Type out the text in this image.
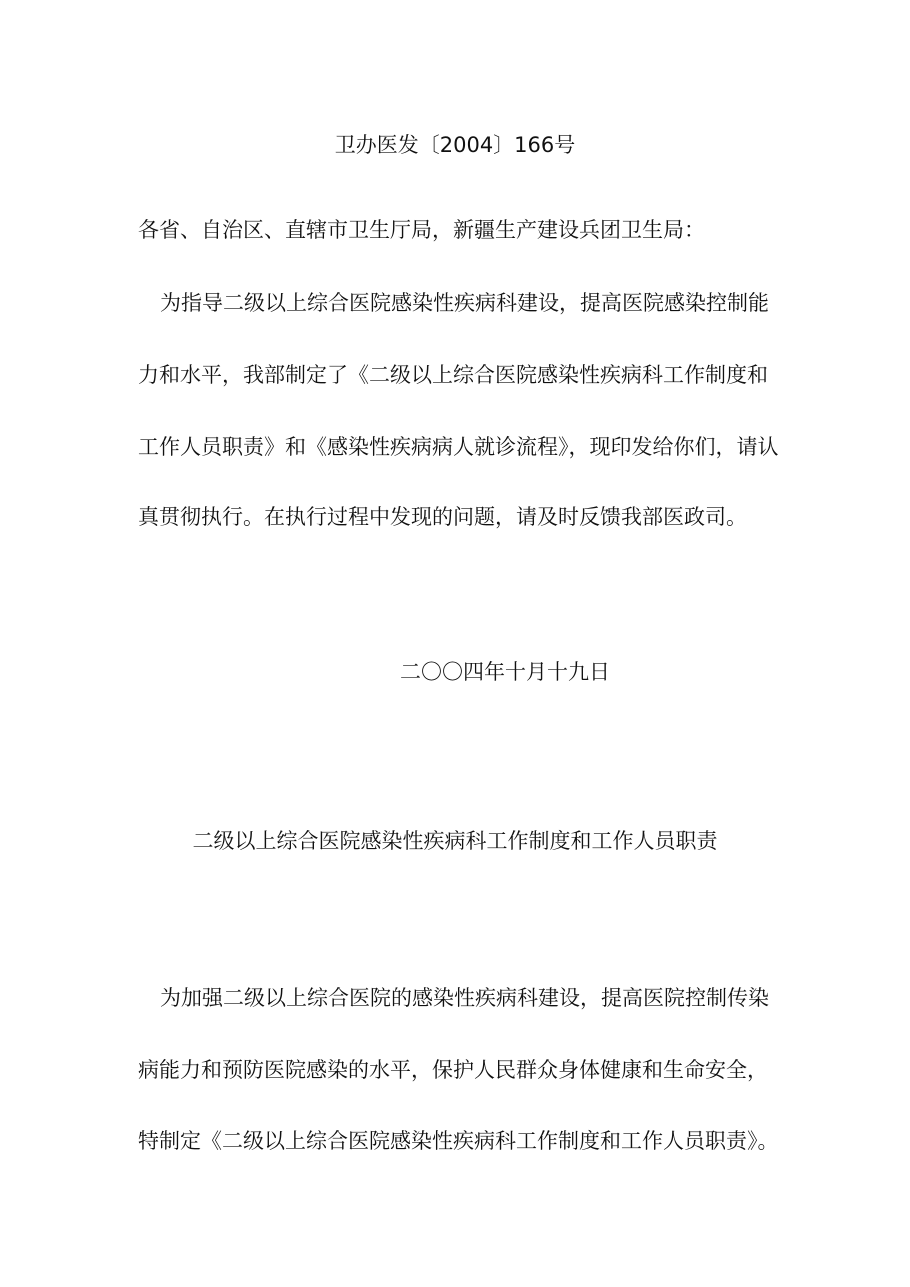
卫办医发〔2004〕166号
各省、自治区、直辖市卫生厅局，新疆生产建设兵团卫生局：
为指导二级以上综合医院感染性疾病科建设，提高医院感染控制能
力和水平，我部制定了《二级以上综合医院感染性疾病科工作制度和
工作人员职责》和《感染性疾病病人就诊流程》，现印发给你们，请认
真贯彻执行。在执行过程中发现的问题，请及时反馈我部医政司。
二〇〇四年十月十九日
二级以上综合医院感染性疾病科工作制度和工作人员职责
为加强二级以上综合医院的感染性疾病科建设，提高医院控制传染
病能力和预防医院感染的水平，保护人民群众身体健康和生命安全，
特制定《二级以上综合医院感染性疾病科工作制度和工作人员职责》。
